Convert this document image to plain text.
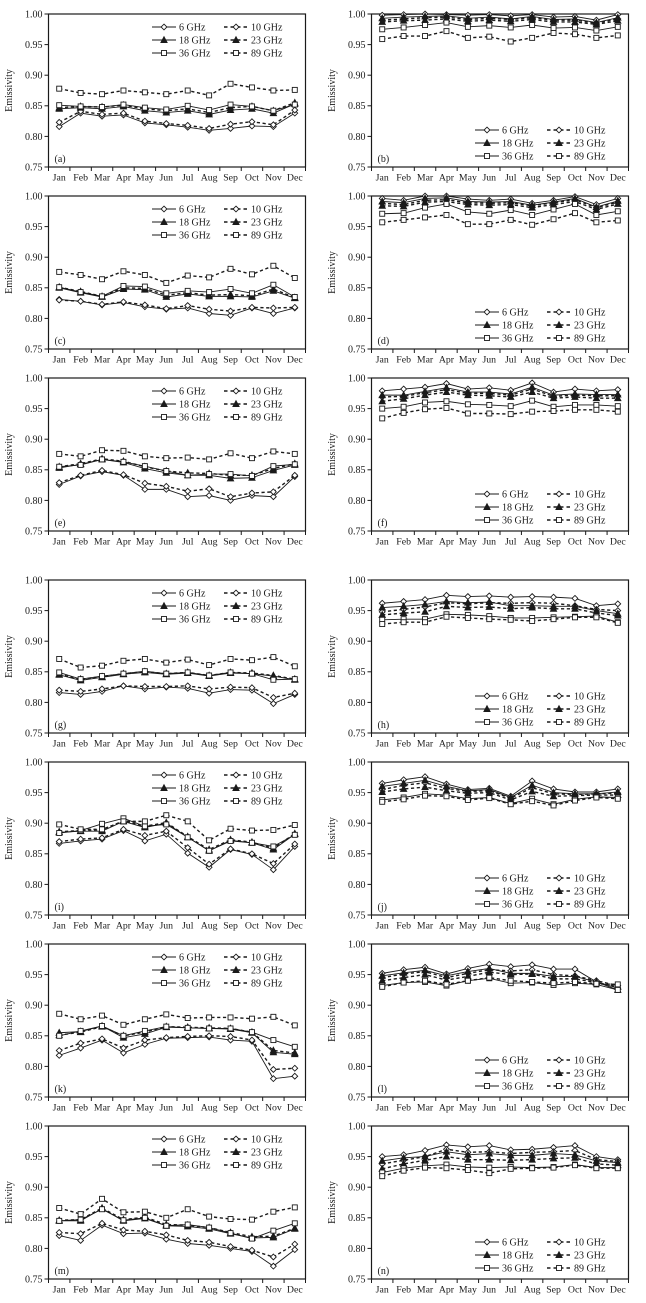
1.00
0.95
0.90
0.85
0.80
0.75
Jan Feb Mar Apr May Jun Jul Aug Sep Oct Nov Dec
Emissivity
(a)
6 GHz
18 GHz
36 GHz
10 GHz
23 GHz
89 GHz
1.00
0.95
0.90
0.85
0.80
0.75
Jan Feb Mar Apr May Jun Jul Aug Sep Oct Nov Dec
Emissivity
(b)
6 GHz
18 GHz
36 GHz
10 GHz
23 GHz
89 GHz
1.00
0.95
0.90
0.85
0.80
0.75
Jan Feb Mar Apr May Jun Jul Aug Sep Oct Nov Dec
Emissivity
(c)
6 GHz
18 GHz
36 GHz
10 GHz
23 GHz
89 GHz
1.00
0.95
0.90
0.85
0.80
0.75
Jan Feb Mar Apr May Jun Jul Aug Sep Oct Nov Dec
Emissivity
(d)
6 GHz
18 GHz
36 GHz
10 GHz
23 GHz
89 GHz
1.00
0.95
0.90
0.85
0.80
0.75
Jan Feb Mar Apr May Jun Jul Aug Sep Oct Nov Dec
Emissivity
(e)
6 GHz
18 GHz
36 GHz
10 GHz
23 GHz
89 GHz
1.00
0.95
0.90
0.85
0.80
0.75
Jan Feb Mar Apr May Jun Jul Aug Sep Oct Nov Dec
Emissivity
(f)
6 GHz
18 GHz
36 GHz
10 GHz
23 GHz
89 GHz
1.00
0.95
0.90
0.85
0.80
0.75
Jan Feb Mar Apr May Jun Jul Aug Sep Oct Nov Dec
Emissivity
(g)
6 GHz
18 GHz
36 GHz
10 GHz
23 GHz
89 GHz
1.00
0.95
0.90
0.85
0.80
0.75
Jan Feb Mar Apr May Jun Jul Aug Sep Oct Nov Dec
Emissivity
(h)
6 GHz
18 GHz
36 GHz
10 GHz
23 GHz
89 GHz
1.00
0.95
0.90
0.85
0.80
0.75
Jan Feb Mar Apr May Jun Jul Aug Sep Oct Nov Dec
Emissivity
(i)
6 GHz
18 GHz
36 GHz
10 GHz
23 GHz
89 GHz
1.00
0.95
0.90
0.85
0.80
0.75
Jan Feb Mar Apr May Jun Jul Aug Sep Oct Nov Dec
Emissivity
(j)
6 GHz
18 GHz
36 GHz
10 GHz
23 GHz
89 GHz
1.00
0.95
0.90
0.85
0.80
0.75
Jan Feb Mar Apr May Jun Jul Aug Sep Oct Nov Dec
Emissivity
(k)
6 GHz
18 GHz
36 GHz
10 GHz
23 GHz
89 GHz
1.00
0.95
0.90
0.85
0.80
0.75
Jan Feb Mar Apr May Jun Jul Aug Sep Oct Nov Dec
Emissivity
(l)
6 GHz
18 GHz
36 GHz
10 GHz
23 GHz
89 GHz
1.00
0.95
0.90
0.85
0.80
0.75
Jan Feb Mar Apr May Jun Jul Aug Sep Oct Nov Dec
Emissivity
(m)
6 GHz
18 GHz
36 GHz
10 GHz
23 GHz
89 GHz
1.00
0.95
0.90
0.85
0.80
0.75
Jan Feb Mar Apr May Jun Jul Aug Sep Oct Nov Dec
Emissivity
(n)
6 GHz
18 GHz
36 GHz
10 GHz
23 GHz
89 GHz
